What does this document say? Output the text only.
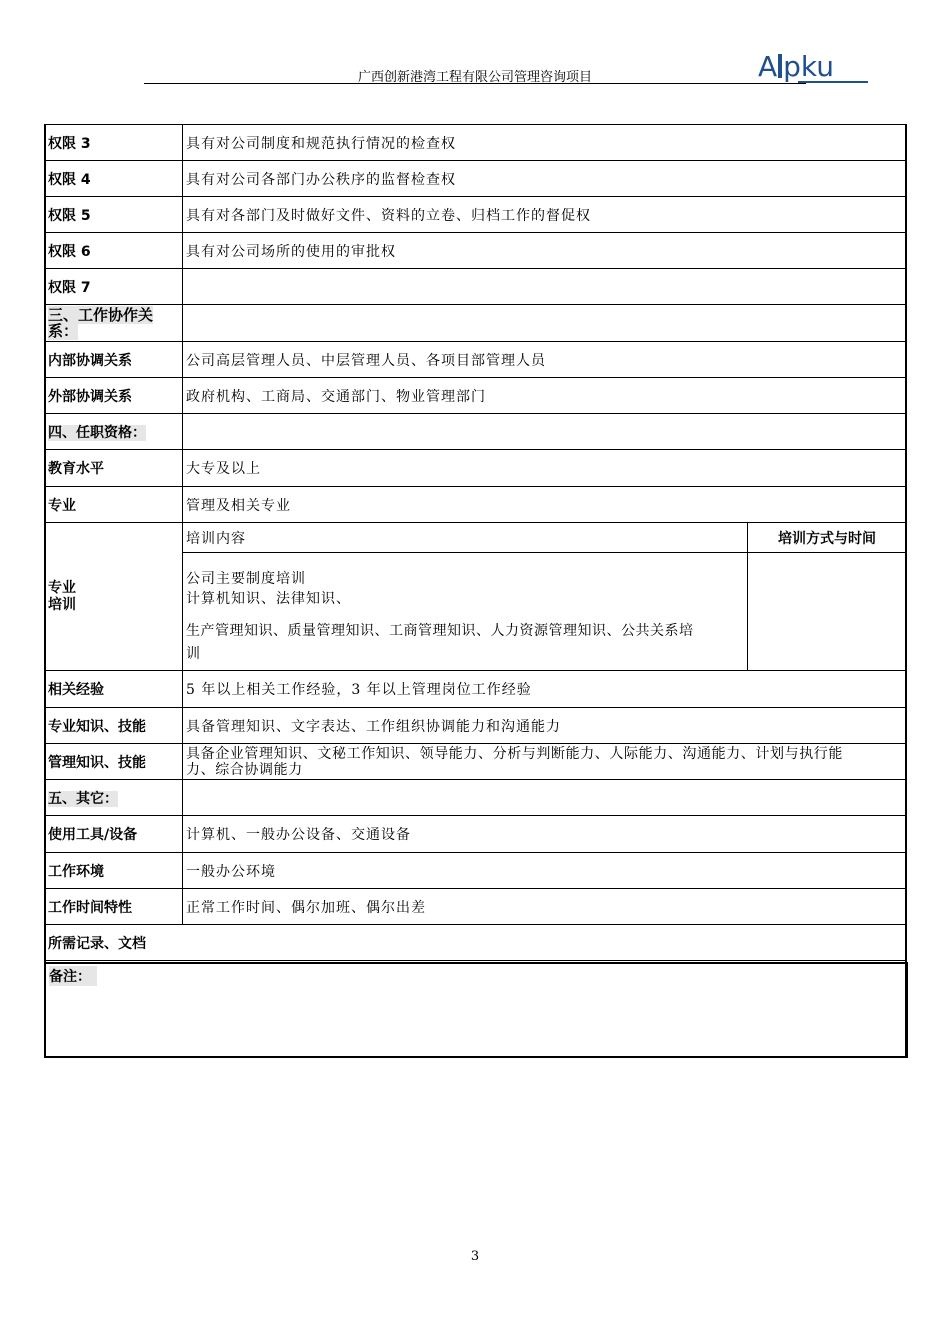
广西创新港湾工程有限公司管理咨询项目	A pku
权限 3	具有对公司制度和规范执行情况的检查权	
权限 4	具有对公司各部门办公秩序的监督检查权	
权限 5	具有对各部门及时做好文件、资料的立卷、归档工作的督促权	
权限 6	具有对公司场所的使用的审批权	
权限 7		
三、工作协作关系：		
内部协调关系	公司高层管理人员、中层管理人员、各项目部管理人员	
外部协调关系	政府机构、工商局、交通部门、物业管理部门	
四、任职资格：		
教育水平	大专及以上	
专业	管理及相关专业	

专业
培训	培训内容	培训方式与时间

	公司主要制度培训
计算机知识、法律知识、
生产管理知识、质量管理知识、工商管理知识、人力资源管理知识、公共关系培
训	

相关经验	5 年以上相关工作经验，3 年以上管理岗位工作经验	
专业知识、技能	具备管理知识、文字表达、工作组织协调能力和沟通能力	
管理知识、技能	具备企业管理知识、文秘工作知识、领导能力、分析与判断能力、人际能力、沟通能力、计划与执行能
力、综合协调能力	

五、其它：		
使用工具/设备	计算机、一般办公设备、交通设备	
工作环境	一般办公环境	
工作时间特性	正常工作时间、偶尔加班、偶尔出差	
所需记录、文档		
备注：
3
